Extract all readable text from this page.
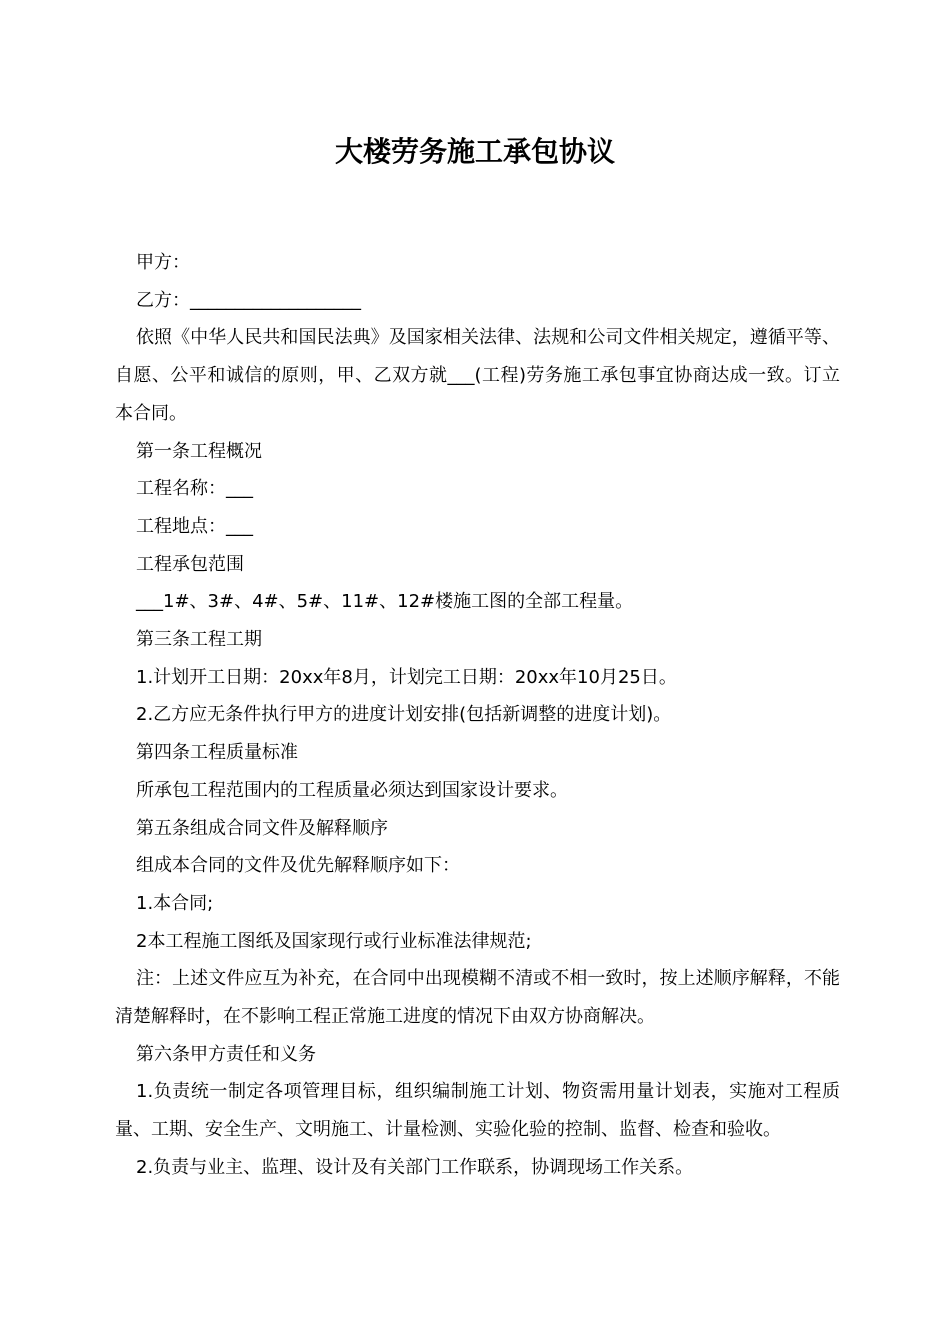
大楼劳务施工承包协议

甲方：

乙方：___________________

依照《中华人民共和国民法典》及国家相关法律、法规和公司文件相关规定，遵循平等、自愿、公平和诚信的原则，甲、乙双方就___(工程)劳务施工承包事宜协商达成一致。订立本合同。

第一条工程概况

工程名称：___

工程地点：___

工程承包范围

___1#、3#、4#、5#、11#、12#楼施工图的全部工程量。

第三条工程工期

1.计划开工日期：20xx年8月，计划完工日期：20xx年10月25日。

2.乙方应无条件执行甲方的进度计划安排(包括新调整的进度计划)。

第四条工程质量标准

所承包工程范围内的工程质量必须达到国家设计要求。

第五条组成合同文件及解释顺序

组成本合同的文件及优先解释顺序如下：

1.本合同;

2本工程施工图纸及国家现行或行业标准法律规范;

注：上述文件应互为补充，在合同中出现模糊不清或不相一致时，按上述顺序解释，不能清楚解释时，在不影响工程正常施工进度的情况下由双方协商解决。

第六条甲方责任和义务

1.负责统一制定各项管理目标，组织编制施工计划、物资需用量计划表，实施对工程质量、工期、安全生产、文明施工、计量检测、实验化验的控制、监督、检查和验收。

2.负责与业主、监理、设计及有关部门工作联系，协调现场工作关系。
